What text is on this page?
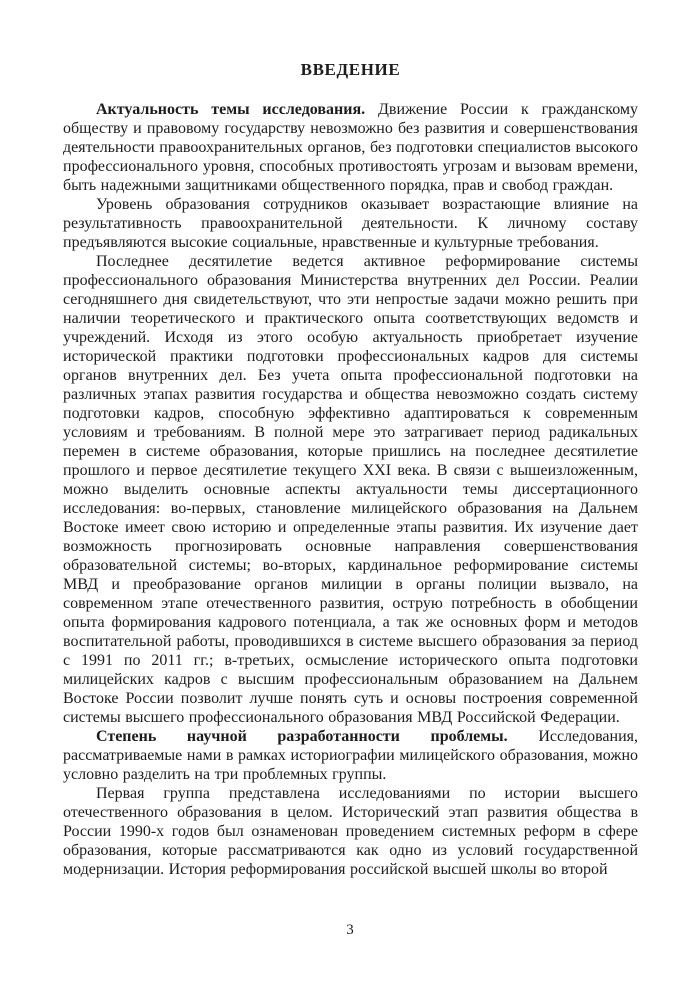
ВВЕДЕНИЕ

Актуальность темы исследования. Движение России к гражданскому обществу и правовому государству невозможно без развития и совершенствования деятельности правоохранительных органов, без подготовки специалистов высокого профессионального уровня, способных противостоять угрозам и вызовам времени, быть надежными защитниками общественного порядка, прав и свобод граждан.

Уровень образования сотрудников оказывает возрастающие влияние на результативность правоохранительной деятельности. К личному составу предъявляются высокие социальные, нравственные и культурные требования.

Последнее десятилетие ведется активное реформирование системы профессионального образования Министерства внутренних дел России. Реалии сегодняшнего дня свидетельствуют, что эти непростые задачи можно решить при наличии теоретического и практического опыта соответствующих ведомств и учреждений. Исходя из этого особую актуальность приобретает изучение исторической практики подготовки профессиональных кадров для системы органов внутренних дел. Без учета опыта профессиональной подготовки на различных этапах развития государства и общества невозможно создать систему подготовки кадров, способную эффективно адаптироваться к современным условиям и требованиям. В полной мере это затрагивает период радикальных перемен в системе образования, которые пришлись на последнее десятилетие прошлого и первое десятилетие текущего XXI века. В связи с вышеизложенным, можно выделить основные аспекты актуальности темы диссертационного исследования: во-первых, становление милицейского образования на Дальнем Востоке имеет свою историю и определенные этапы развития. Их изучение дает возможность прогнозировать основные направления совершенствования образовательной системы; во-вторых, кардинальное реформирование системы МВД и преобразование органов милиции в органы полиции вызвало, на современном этапе отечественного развития, острую потребность в обобщении опыта формирования кадрового потенциала, а так же основных форм и методов воспитательной работы, проводившихся в системе высшего образования за период с 1991 по 2011 гг.; в-третьих, осмысление исторического опыта подготовки милицейских кадров с высшим профессиональным образованием на Дальнем Востоке России позволит лучше понять суть и основы построения современной системы высшего профессионального образования МВД Российской Федерации.

Степень научной разработанности проблемы. Исследования, рассматриваемые нами в рамках историографии милицейского образования, можно условно разделить на три проблемных группы.

Первая группа представлена исследованиями по истории высшего отечественного образования в целом. Исторический этап развития общества в России 1990-х годов был ознаменован проведением системных реформ в сфере образования, которые рассматриваются как одно из условий государственной модернизации. История реформирования российской высшей школы во второй

3
